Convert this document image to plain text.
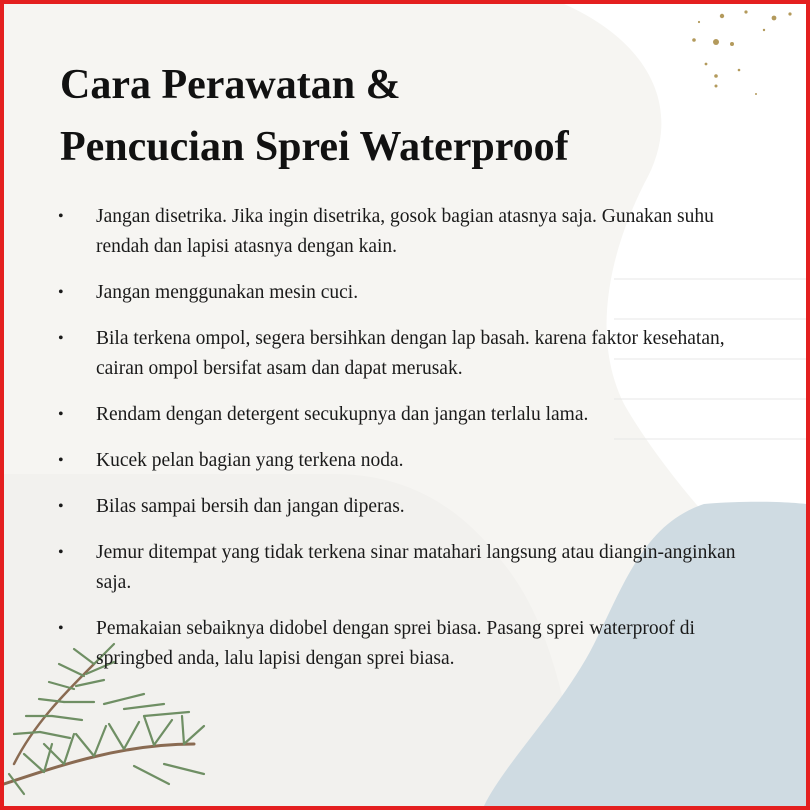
Cara Perawatan &
Pencucian Sprei Waterproof
• Jangan disetrika. Jika ingin disetrika, gosok bagian atasnya saja. Gunakan suhu rendah dan lapisi atasnya dengan kain.
• Jangan menggunakan mesin cuci.
• Bila terkena ompol, segera bersihkan dengan lap basah. karena faktor kesehatan, cairan ompol bersifat asam dan dapat merusak.
• Rendam dengan detergent secukupnya dan jangan terlalu lama.
• Kucek pelan bagian yang terkena noda.
• Bilas sampai bersih dan jangan diperas.
• Jemur ditempat yang tidak terkena sinar matahari langsung atau diangin-anginkan saja.
• Pemakaian sebaiknya didobel dengan sprei biasa. Pasang sprei waterproof di springbed anda, lalu lapisi dengan sprei biasa.
